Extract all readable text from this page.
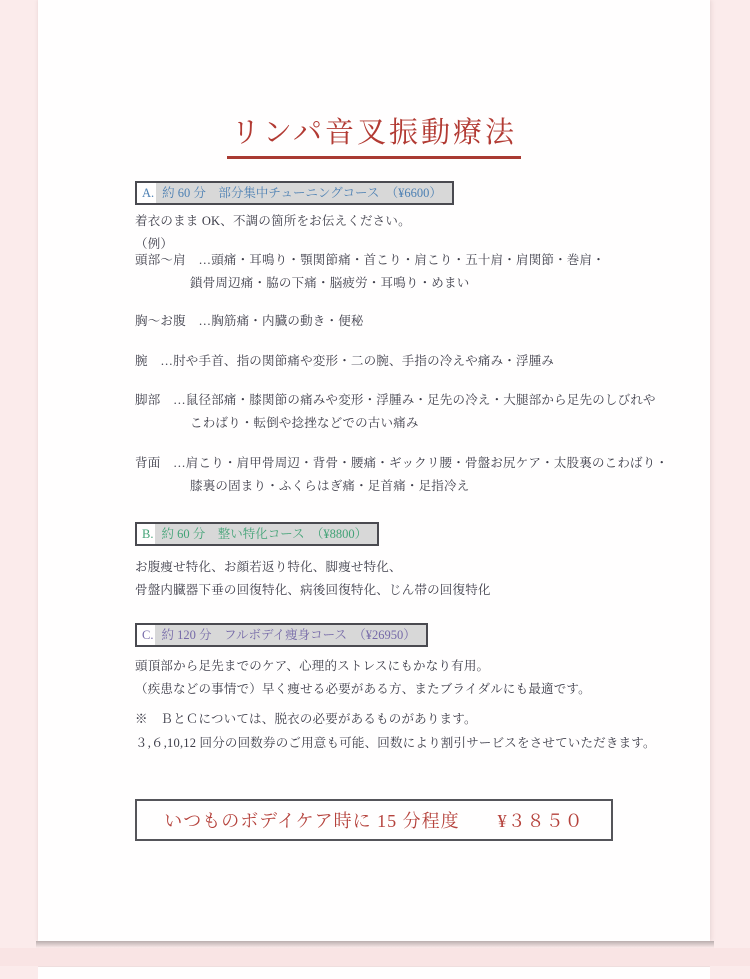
リンパ音叉振動療法
A. 約 60 分　部分集中チューニングコース　（¥6600）
着衣のまま OK、不調の箇所をお伝えください。
（例）
頭部〜肩　…頭痛・耳鳴り・顎関節痛・首こり・肩こり・五十肩・肩関節・巻肩・
鎖骨周辺痛・脇の下痛・脳疲労・耳鳴り・めまい
胸〜お腹　…胸筋痛・内臓の動き・便秘
腕　…肘や手首、指の関節痛や変形・二の腕、手指の冷えや痛み・浮腫み
脚部　…鼠径部痛・膝関節の痛みや変形・浮腫み・足先の冷え・大腿部から足先のしびれや
こわばり・転倒や捻挫などでの古い痛み
背面　…肩こり・肩甲骨周辺・背骨・腰痛・ギックリ腰・骨盤お尻ケア・太股裏のこわばり・
膝裏の固まり・ふくらはぎ痛・足首痛・足指冷え
B. 約 60 分　整い特化コース　（¥8800）
お腹痩せ特化、お顔若返り特化、脚痩せ特化、
骨盤内臓器下垂の回復特化、病後回復特化、じん帯の回復特化
C. 約 120 分　フルボデイ痩身コース　（¥26950）
頭頂部から足先までのケア、心理的ストレスにもかなり有用。
（疾患などの事情で）早く痩せる必要がある方、またブライダルにも最適です。
※　ＢとＣについては、脱衣の必要があるものがあります。
３,６,10,12 回分の回数券のご用意も可能、回数により割引サービスをさせていただきます。
いつものボデイケア時に 15 分程度　　¥３８５０
